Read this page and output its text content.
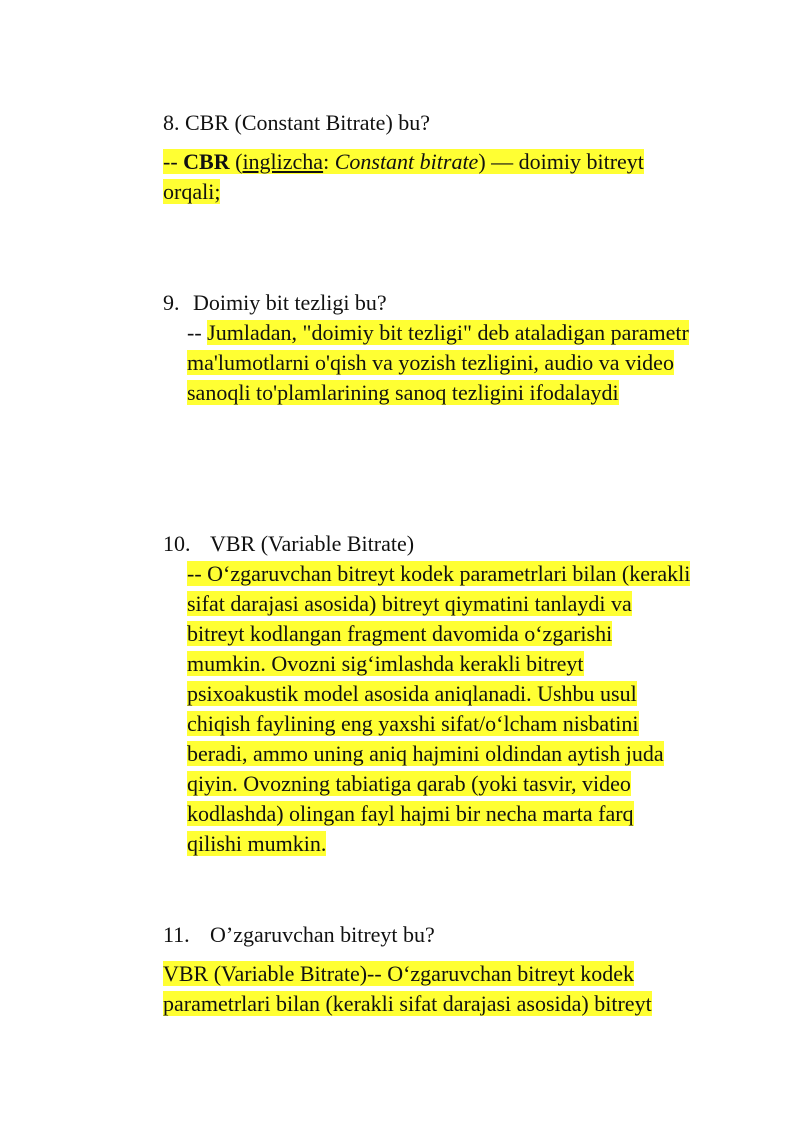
8. CBR (Constant Bitrate) bu?
-- CBR (inglizcha: Constant bitrate) — doimiy bitreyt
orqali;
9. Doimiy bit tezligi bu?
-- Jumladan, "doimiy bit tezligi" deb ataladigan parametr
ma'lumotlarni o'qish va yozish tezligini, audio va video
sanoqli to'plamlarining sanoq tezligini ifodalaydi
10. VBR (Variable Bitrate)
-- O‘zgaruvchan bitreyt kodek parametrlari bilan (kerakli
sifat darajasi asosida) bitreyt qiymatini tanlaydi va
bitreyt kodlangan fragment davomida o‘zgarishi
mumkin. Ovozni sig‘imlashda kerakli bitreyt
psixoakustik model asosida aniqlanadi. Ushbu usul
chiqish faylining eng yaxshi sifat/o‘lcham nisbatini
beradi, ammo uning aniq hajmini oldindan aytish juda
qiyin. Ovozning tabiatiga qarab (yoki tasvir, video
kodlashda) olingan fayl hajmi bir necha marta farq
qilishi mumkin.
11. O’zgaruvchan bitreyt bu?
VBR (Variable Bitrate)-- O‘zgaruvchan bitreyt kodek
parametrlari bilan (kerakli sifat darajasi asosida) bitreyt
